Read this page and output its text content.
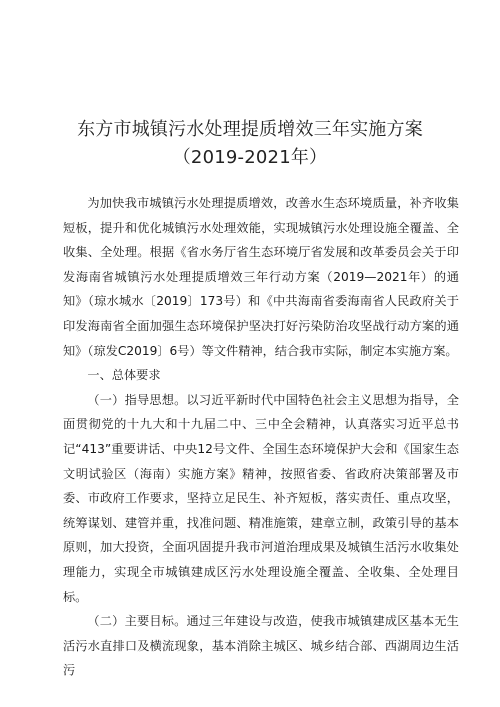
东方市城镇污水处理提质增效三年实施方案
（2019-2021年）

为加快我市城镇污水处理提质增效，改善水生态环境质量，补齐收集短板，提升和优化城镇污水处理效能，实现城镇污水处理设施全覆盖、全收集、全处理。根据《省水务厅省生态环境厅省发展和改革委员会关于印发海南省城镇污水处理提质增效三年行动方案（2019—2021年）的通知》（琼水城水〔2019〕173号）和《中共海南省委海南省人民政府关于印发海南省全面加强生态环境保护坚决打好污染防治攻坚战行动方案的通知》（琼发C2019〕6号）等文件精神，结合我市实际，制定本实施方案。

一、总体要求

（一）指导思想。以习近平新时代中国特色社会主义思想为指导，全面贯彻党的十九大和十九届二中、三中全会精神，认真落实习近平总书记“413”重要讲话、中央12号文件、全国生态环境保护大会和《国家生态文明试验区（海南）实施方案》精神，按照省委、省政府决策部署及市委、市政府工作要求，坚持立足民生、补齐短板，落实责任、重点攻坚，统筹谋划、建管并重，找准问题、精准施策，建章立制，政策引导的基本原则，加大投资，全面巩固提升我市河道治理成果及城镇生活污水收集处理能力，实现全市城镇建成区污水处理设施全覆盖、全收集、全处理目标。

（二）主要目标。通过三年建设与改造，使我市城镇建成区基本无生活污水直排口及横流现象，基本消除主城区、城乡结合部、西湖周边生活污
